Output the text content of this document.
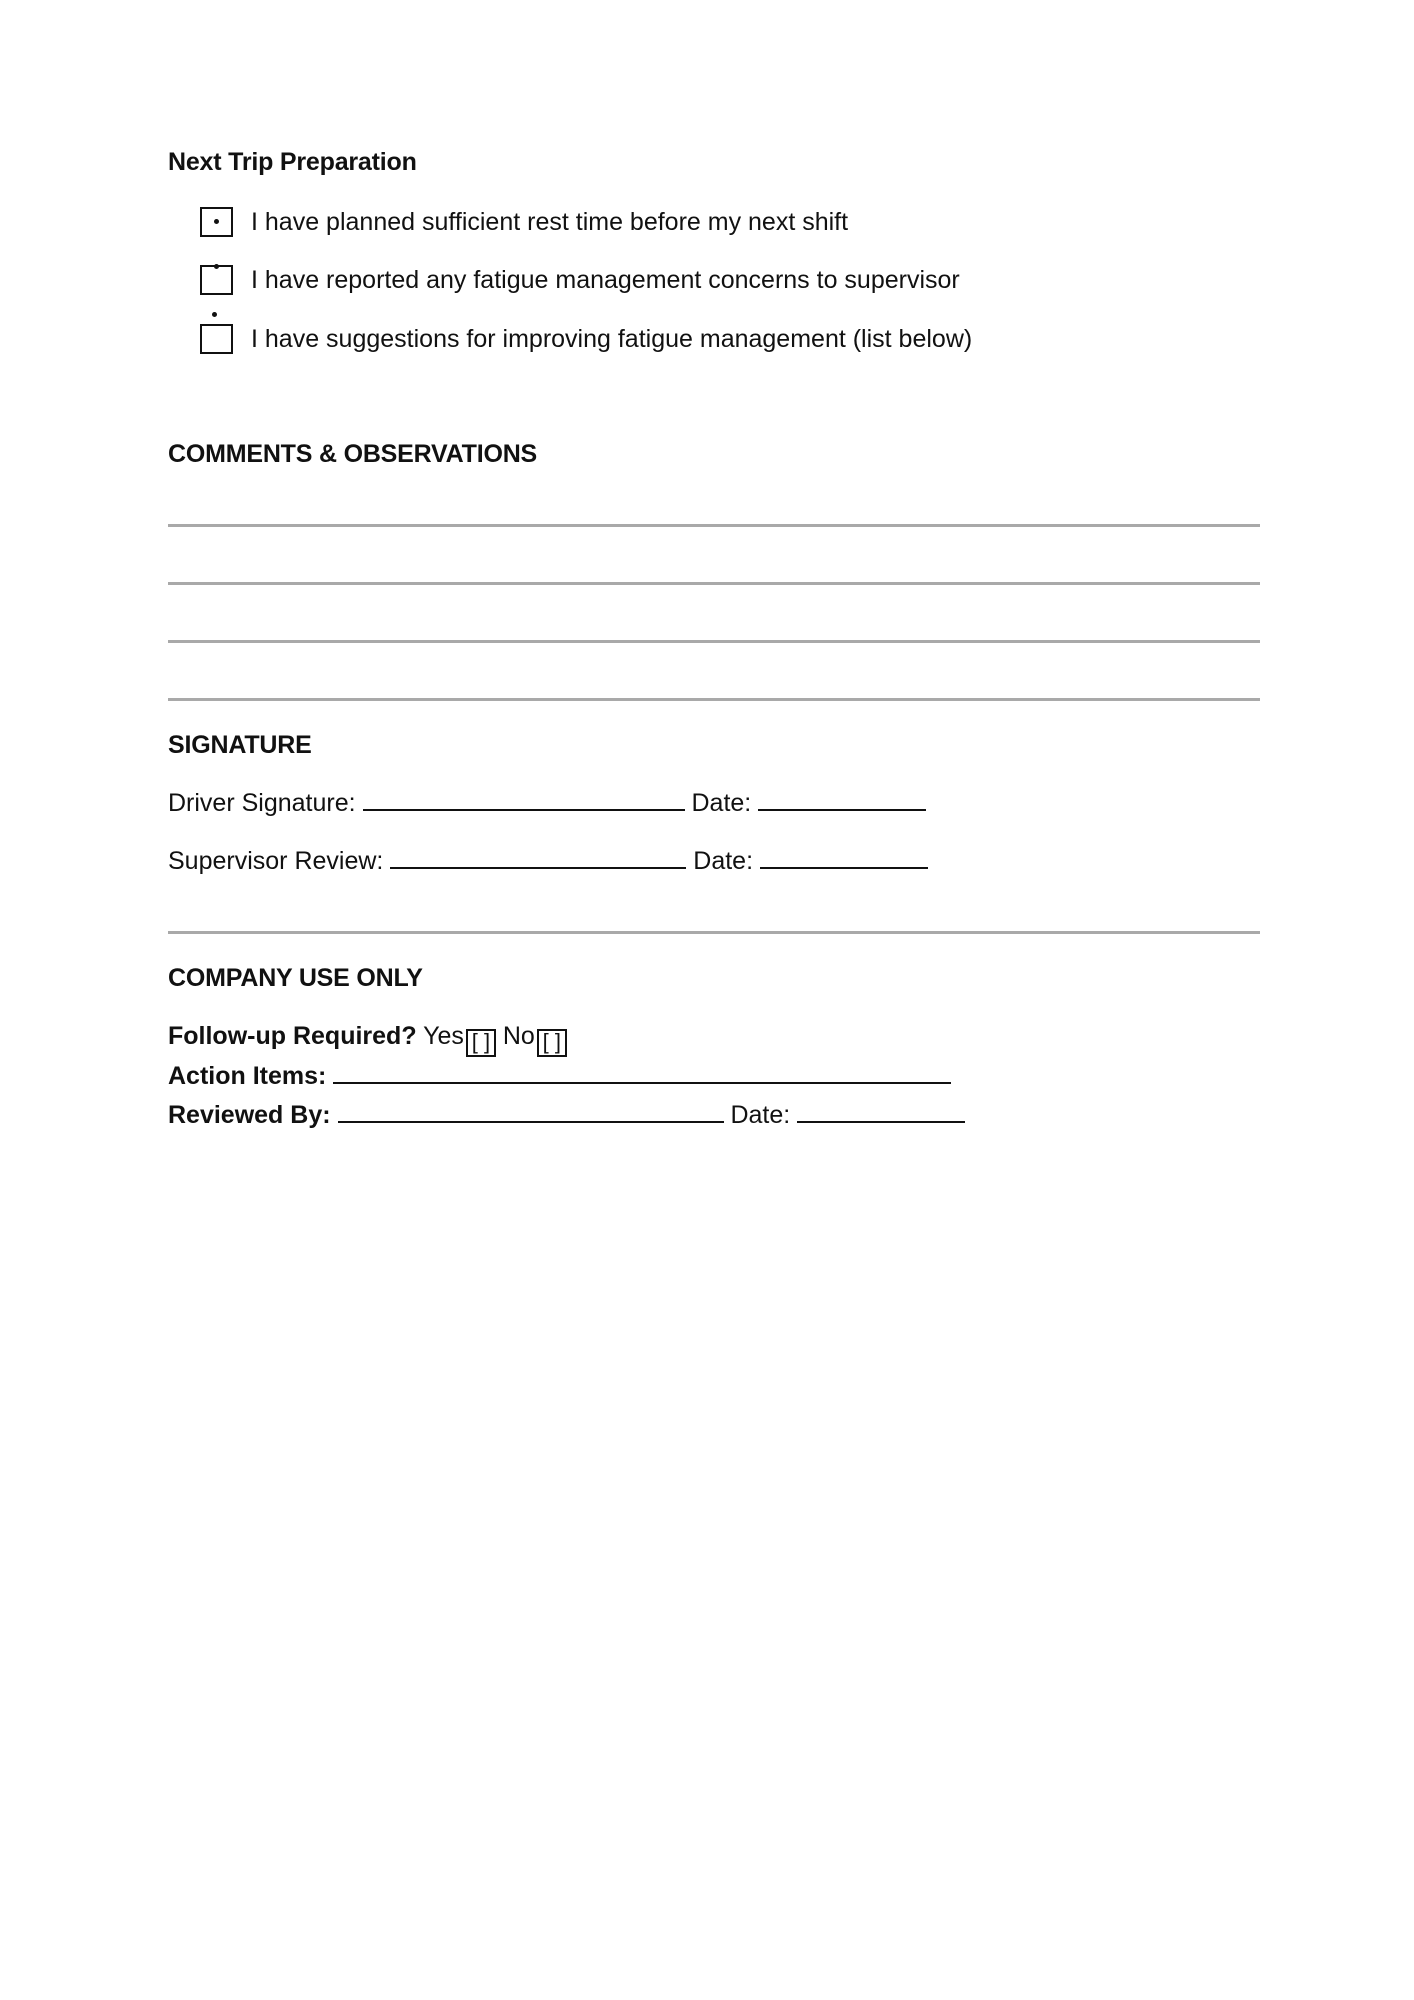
Next Trip Preparation
I have planned sufficient rest time before my next shift
I have reported any fatigue management concerns to supervisor
I have suggestions for improving fatigue management (list below)
COMMENTS & OBSERVATIONS
SIGNATURE
Driver Signature:	Date:
Supervisor Review:	Date:
COMPANY USE ONLY
Follow-up Required? Yes [ ] No [ ]
Action Items:
Reviewed By:	Date:
